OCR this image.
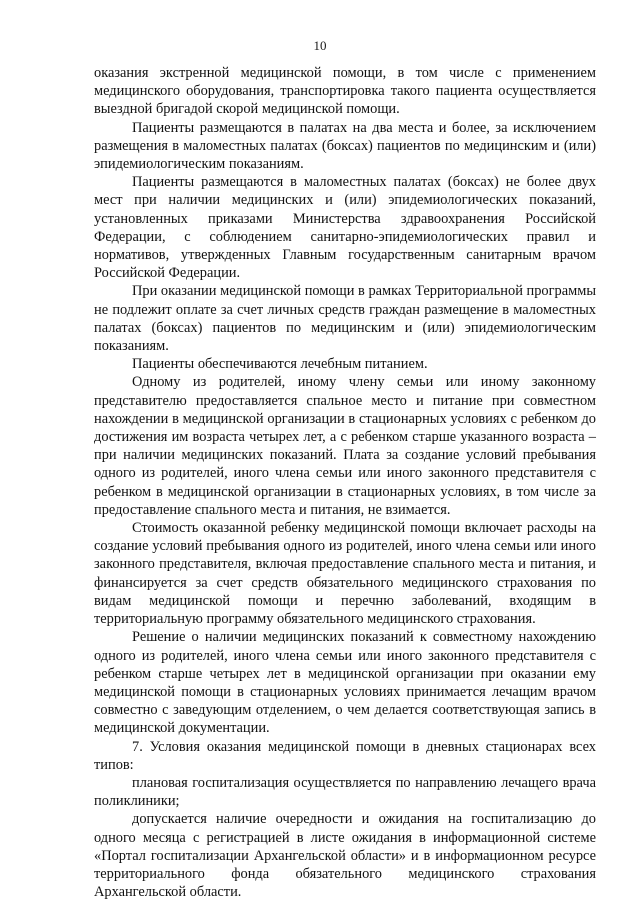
10

оказания экстренной медицинской помощи, в том числе с применением медицинского оборудования, транспортировка такого пациента осуществляется выездной бригадой скорой медицинской помощи.

Пациенты размещаются в палатах на два места и более, за исключением размещения в маломестных палатах (боксах) пациентов по медицинским и (или) эпидемиологическим показаниям.

Пациенты размещаются в маломестных палатах (боксах) не более двух мест при наличии медицинских и (или) эпидемиологических показаний, установленных приказами Министерства здравоохранения Российской Федерации, с соблюдением санитарно-эпидемиологических правил и нормативов, утвержденных Главным государственным санитарным врачом Российской Федерации.

При оказании медицинской помощи в рамках Территориальной программы не подлежит оплате за счет личных средств граждан размещение в маломестных палатах (боксах) пациентов по медицинским и (или) эпидемиологическим показаниям.

Пациенты обеспечиваются лечебным питанием.

Одному из родителей, иному члену семьи или иному законному представителю предоставляется спальное место и питание при совместном нахождении в медицинской организации в стационарных условиях с ребенком до достижения им возраста четырех лет, а с ребенком старше указанного возраста – при наличии медицинских показаний. Плата за создание условий пребывания одного из родителей, иного члена семьи или иного законного представителя с ребенком в медицинской организации в стационарных условиях, в том числе за предоставление спального места и питания, не взимается.

Стоимость оказанной ребенку медицинской помощи включает расходы на создание условий пребывания одного из родителей, иного члена семьи или иного законного представителя, включая предоставление спального места и питания, и финансируется за счет средств обязательного медицинского страхования по видам медицинской помощи и перечню заболеваний, входящим в территориальную программу обязательного медицинского страхования.

Решение о наличии медицинских показаний к совместному нахождению одного из родителей, иного члена семьи или иного законного представителя с ребенком старше четырех лет в медицинской организации при оказании ему медицинской помощи в стационарных условиях принимается лечащим врачом совместно с заведующим отделением, о чем делается соответствующая запись в медицинской документации.

7. Условия оказания медицинской помощи в дневных стационарах всех типов:

плановая госпитализация осуществляется по направлению лечащего врача поликлиники;

допускается наличие очередности и ожидания на госпитализацию до одного месяца с регистрацией в листе ожидания в информационной системе «Портал госпитализации Архангельской области» и в информационном ресурсе территориального фонда обязательного медицинского страхования Архангельской области.
